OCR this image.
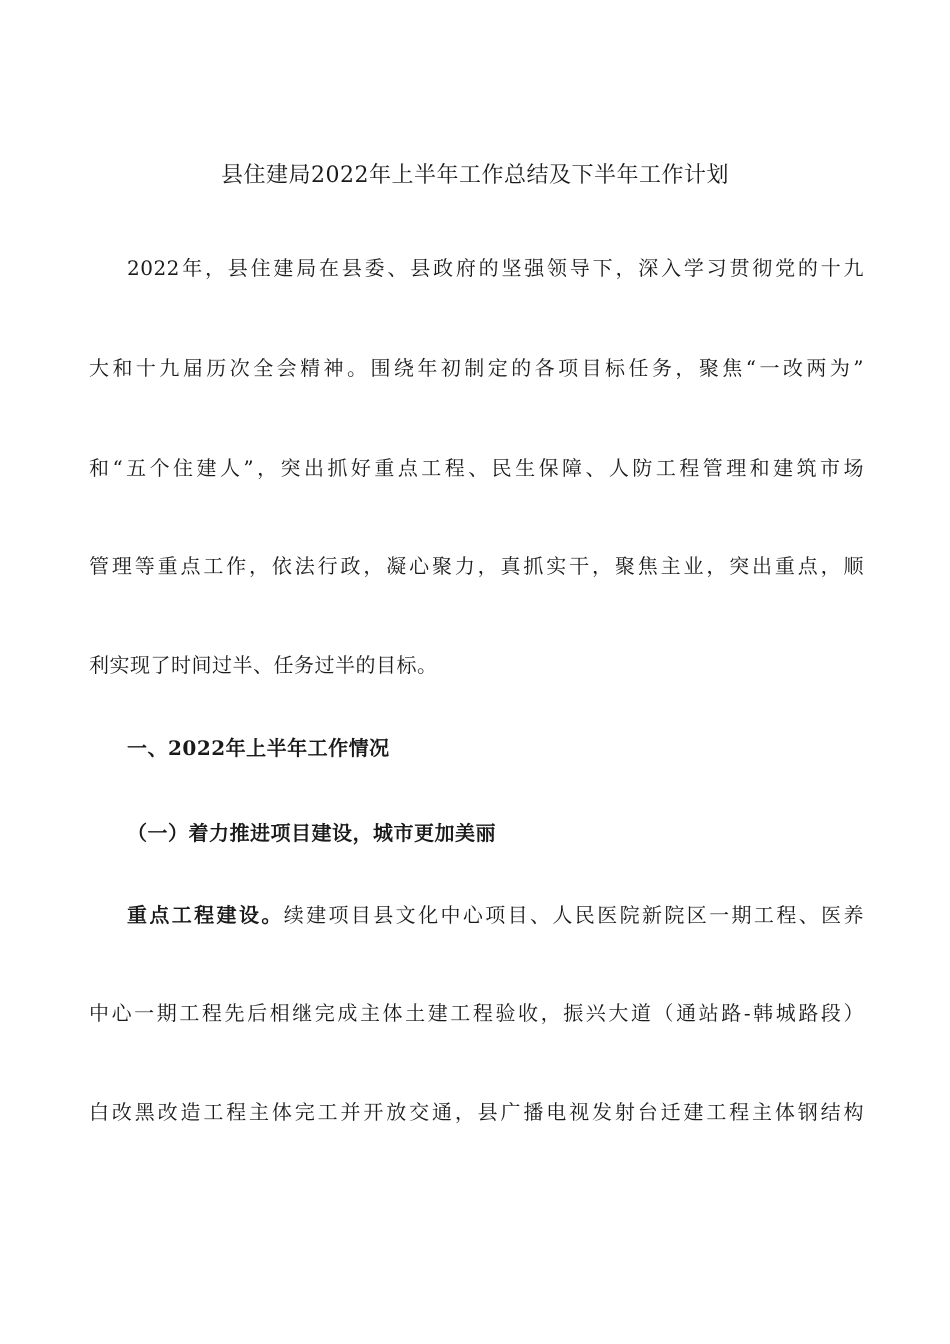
县住建局2022年上半年工作总结及下半年工作计划
2022年，县住建局在县委、县政府的坚强领导下，深入学习贯彻党的十九
大和十九届历次全会精神。围绕年初制定的各项目标任务，聚焦“一改两为”
和“五个住建人”，突出抓好重点工程、民生保障、人防工程管理和建筑市场
管理等重点工作，依法行政，凝心聚力，真抓实干，聚焦主业，突出重点，顺
利实现了时间过半、任务过半的目标。
一、2022年上半年工作情况
（一）着力推进项目建设，城市更加美丽
重点工程建设。续建项目县文化中心项目、人民医院新院区一期工程、医养
中心一期工程先后相继完成主体土建工程验收，振兴大道（通站路-韩城路段）
白改黑改造工程主体完工并开放交通，县广播电视发射台迁建工程主体钢结构
